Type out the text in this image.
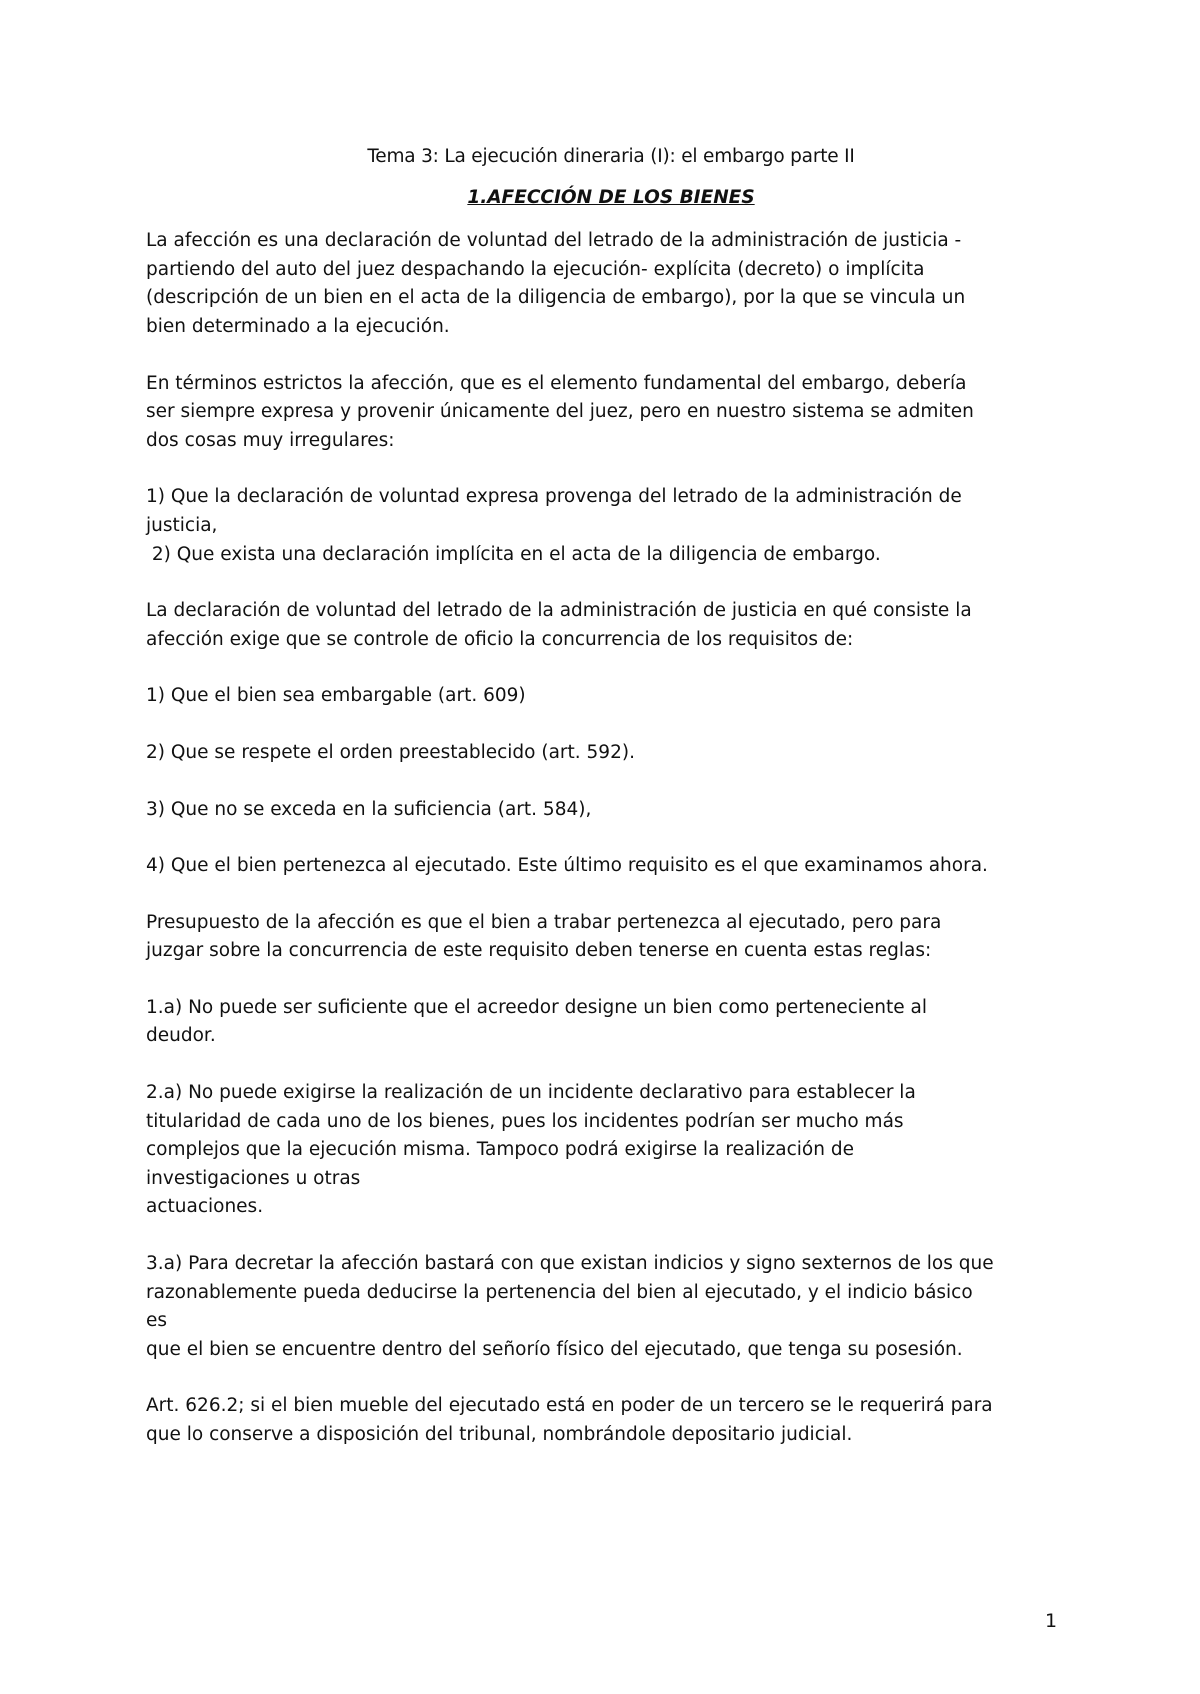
Tema 3: La ejecución dineraria (I): el embargo parte II
1.AFECCIÓN DE LOS BIENES

La afección es una declaración de voluntad del letrado de la administración de justicia -
partiendo del auto del juez despachando la ejecución- explícita (decreto) o implícita
(descripción de un bien en el acta de la diligencia de embargo), por la que se vincula un
bien determinado a la ejecución.

En términos estrictos la afección, que es el elemento fundamental del embargo, debería
ser siempre expresa y provenir únicamente del juez, pero en nuestro sistema se admiten
dos cosas muy irregulares:

1) Que la declaración de voluntad expresa provenga del letrado de la administración de
justicia,
2) Que exista una declaración implícita en el acta de la diligencia de embargo.

La declaración de voluntad del letrado de la administración de justicia en qué consiste la
afección exige que se controle de oficio la concurrencia de los requisitos de:

1) Que el bien sea embargable (art. 609)

2) Que se respete el orden preestablecido (art. 592).

3) Que no se exceda en la suficiencia (art. 584),

4) Que el bien pertenezca al ejecutado. Este último requisito es el que examinamos ahora.

Presupuesto de la afección es que el bien a trabar pertenezca al ejecutado, pero para
juzgar sobre la concurrencia de este requisito deben tenerse en cuenta estas reglas:

1.a) No puede ser suficiente que el acreedor designe un bien como perteneciente al
deudor.

2.a) No puede exigirse la realización de un incidente declarativo para establecer la
titularidad de cada uno de los bienes, pues los incidentes podrían ser mucho más
complejos que la ejecución misma. Tampoco podrá exigirse la realización de
investigaciones u otras
actuaciones.

3.a) Para decretar la afección bastará con que existan indicios y signo sexternos de los que
razonablemente pueda deducirse la pertenencia del bien al ejecutado, y el indicio básico
es
que el bien se encuentre dentro del señorío físico del ejecutado, que tenga su posesión.

Art. 626.2; si el bien mueble del ejecutado está en poder de un tercero se le requerirá para
que lo conserve a disposición del tribunal, nombrándole depositario judicial.

1
